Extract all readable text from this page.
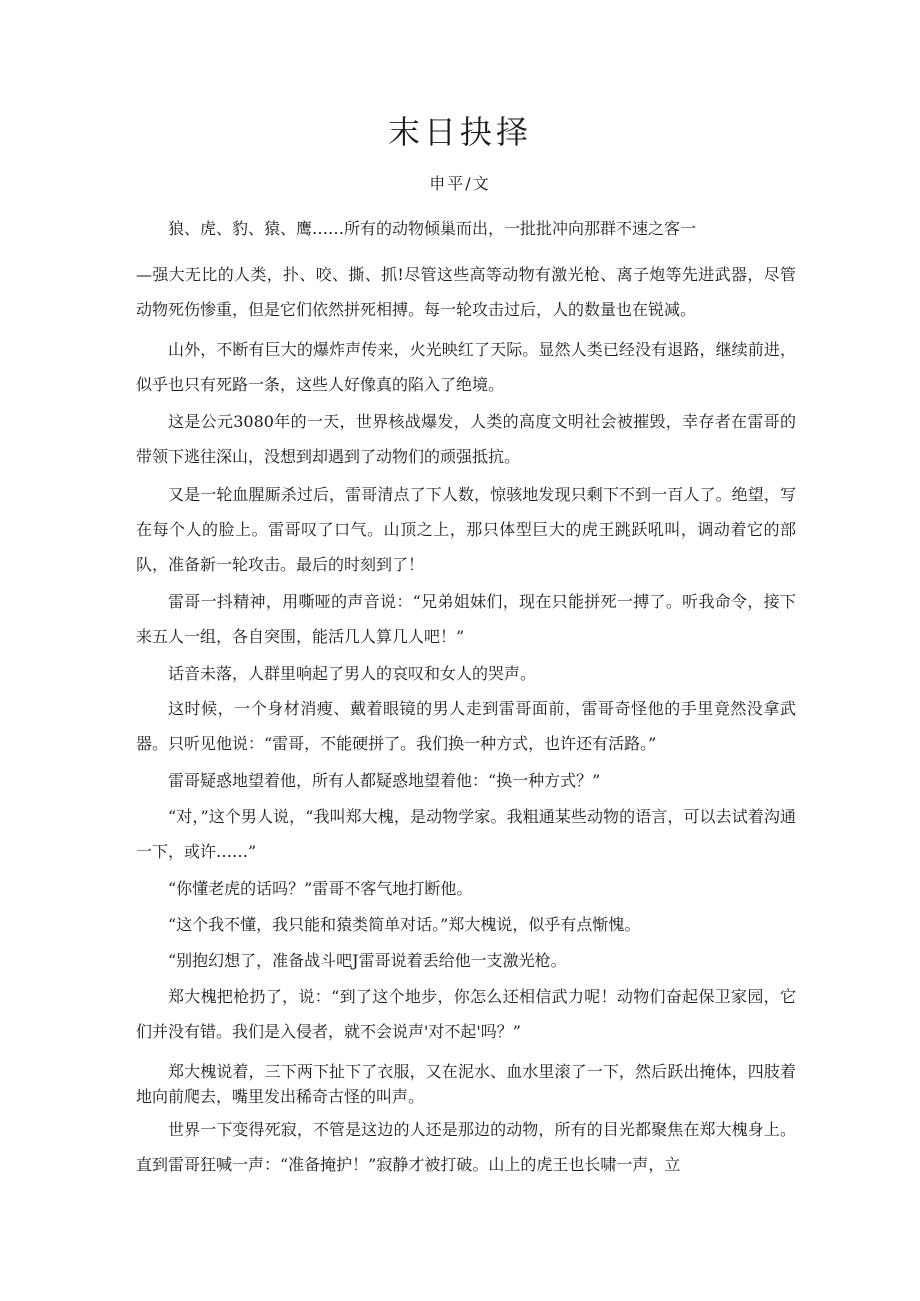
末日抉择
申平/文
狼、虎、豹、猿、鹰……所有的动物倾巢而出，一批批冲向那群不速之客一
—强大无比的人类，扑、咬、撕、抓!尽管这些高等动物有激光枪、离子炮等先进武器，尽管动物死伤惨重，但是它们依然拼死相搏。每一轮攻击过后，人的数量也在锐减。
山外，不断有巨大的爆炸声传来，火光映红了天际。显然人类已经没有退路，继续前进，似乎也只有死路一条，这些人好像真的陷入了绝境。
这是公元3080年的一天，世界核战爆发，人类的高度文明社会被摧毁，幸存者在雷哥的带领下逃往深山，没想到却遇到了动物们的顽强抵抗。
又是一轮血腥厮杀过后，雷哥清点了下人数，惊骇地发现只剩下不到一百人了。绝望，写在每个人的脸上。雷哥叹了口气。山顶之上，那只体型巨大的虎王跳跃吼叫，调动着它的部队，准备新一轮攻击。最后的时刻到了！
雷哥一抖精神，用嘶哑的声音说：“兄弟姐妹们，现在只能拼死一搏了。听我命令，接下来五人一组，各自突围，能活几人算几人吧！”
话音未落，人群里响起了男人的哀叹和女人的哭声。
这时候，一个身材消瘦、戴着眼镜的男人走到雷哥面前，雷哥奇怪他的手里竟然没拿武器。只听见他说：“雷哥，不能硬拼了。我们换一种方式，也许还有活路。”
雷哥疑惑地望着他，所有人都疑惑地望着他：“换一种方式？”
“对，”这个男人说，“我叫郑大槐，是动物学家。我粗通某些动物的语言，可以去试着沟通一下，或许……”
“你懂老虎的话吗？”雷哥不客气地打断他。
“这个我不懂，我只能和猿类简单对话。”郑大槐说，似乎有点惭愧。
“别抱幻想了，准备战斗吧J雷哥说着丢给他一支激光枪。
郑大槐把枪扔了，说：“到了这个地步，你怎么还相信武力呢！动物们奋起保卫家园，它们并没有错。我们是入侵者，就不会说声'对不起'吗？”
郑大槐说着，三下两下扯下了衣服，又在泥水、血水里滚了一下，然后跃出掩体，四肢着地向前爬去，嘴里发出稀奇古怪的叫声。
世界一下变得死寂，不管是这边的人还是那边的动物，所有的目光都聚焦在郑大槐身上。直到雷哥狂喊一声：“准备掩护！”寂静才被打破。山上的虎王也长啸一声，立
